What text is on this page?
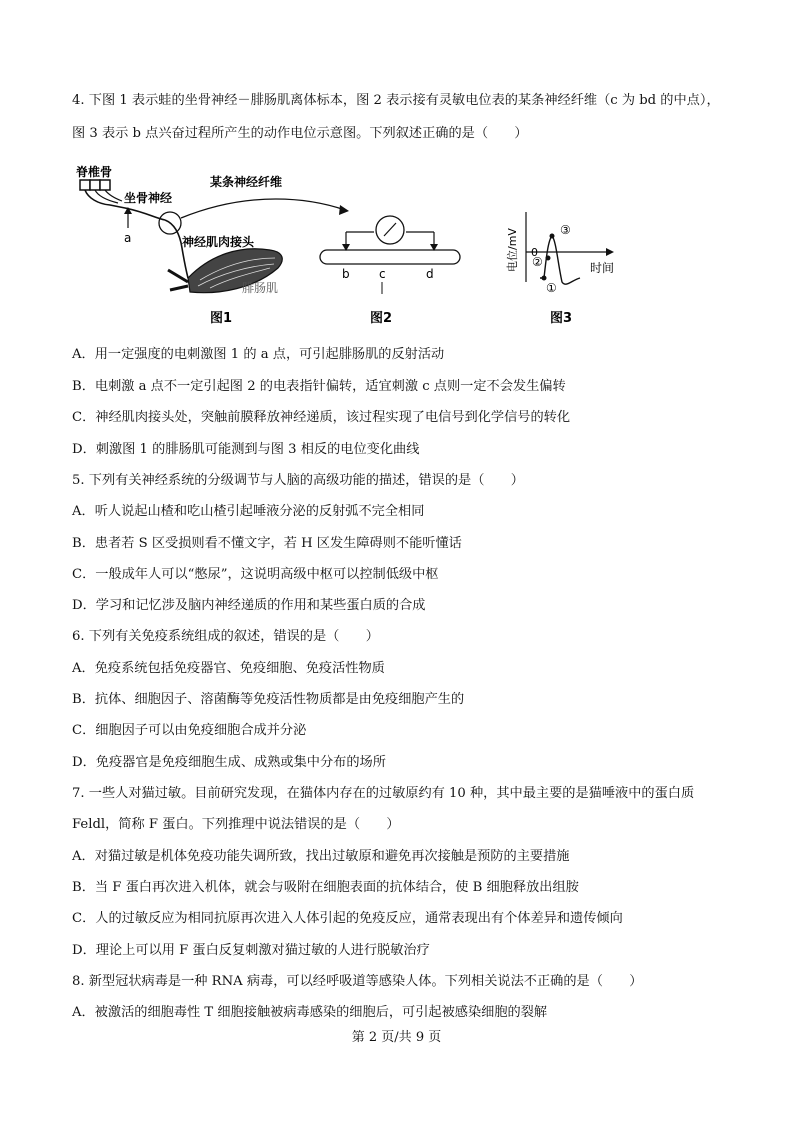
4. 下图 1 表示蛙的坐骨神经－腓肠肌离体标本，图 2 表示接有灵敏电位表的某条神经纤维（c 为 bd 的中点），
图 3 表示 b 点兴奋过程所产生的动作电位示意图。下列叙述正确的是（　　）
脊椎骨
坐骨神经
a
某条神经纤维
神经肌肉接头
腓肠肌
图1
b c	d
图2
电位/mV 0
时间
①
②
③
图3
A．用一定强度的电刺激图 1 的 a 点，可引起腓肠肌的反射活动
B．电刺激 a 点不一定引起图 2 的电表指针偏转，适宜刺激 c 点则一定不会发生偏转
C．神经肌肉接头处，突触前膜释放神经递质，该过程实现了电信号到化学信号的转化
D．刺激图 1 的腓肠肌可能测到与图 3 相反的电位变化曲线
5. 下列有关神经系统的分级调节与人脑的高级功能的描述，错误的是（　　）
A．听人说起山楂和吃山楂引起唾液分泌的反射弧不完全相同
B．患者若 S 区受损则看不懂文字，若 H 区发生障碍则不能听懂话
C．一般成年人可以“憋尿”，这说明高级中枢可以控制低级中枢
D．学习和记忆涉及脑内神经递质的作用和某些蛋白质的合成
6. 下列有关免疫系统组成的叙述，错误的是（　　）
A．免疫系统包括免疫器官、免疫细胞、免疫活性物质
B．抗体、细胞因子、溶菌酶等免疫活性物质都是由免疫细胞产生的
C．细胞因子可以由免疫细胞合成并分泌
D．免疫器官是免疫细胞生成、成熟或集中分布的场所
7. 一些人对猫过敏。目前研究发现，在猫体内存在的过敏原约有 10 种，其中最主要的是猫唾液中的蛋白质
Feldl，简称 F 蛋白。下列推理中说法错误的是（　　）
A．对猫过敏是机体免疫功能失调所致，找出过敏原和避免再次接触是预防的主要措施
B．当 F 蛋白再次进入机体，就会与吸附在细胞表面的抗体结合，使 B 细胞释放出组胺
C．人的过敏反应为相同抗原再次进入人体引起的免疫反应，通常表现出有个体差异和遗传倾向
D．理论上可以用 F 蛋白反复刺激对猫过敏的人进行脱敏治疗
8. 新型冠状病毒是一种 RNA 病毒，可以经呼吸道等感染人体。下列相关说法不正确的是（　　）
A．被激活的细胞毒性 T 细胞接触被病毒感染的细胞后，可引起被感染细胞的裂解
第 2 页/共 9 页
